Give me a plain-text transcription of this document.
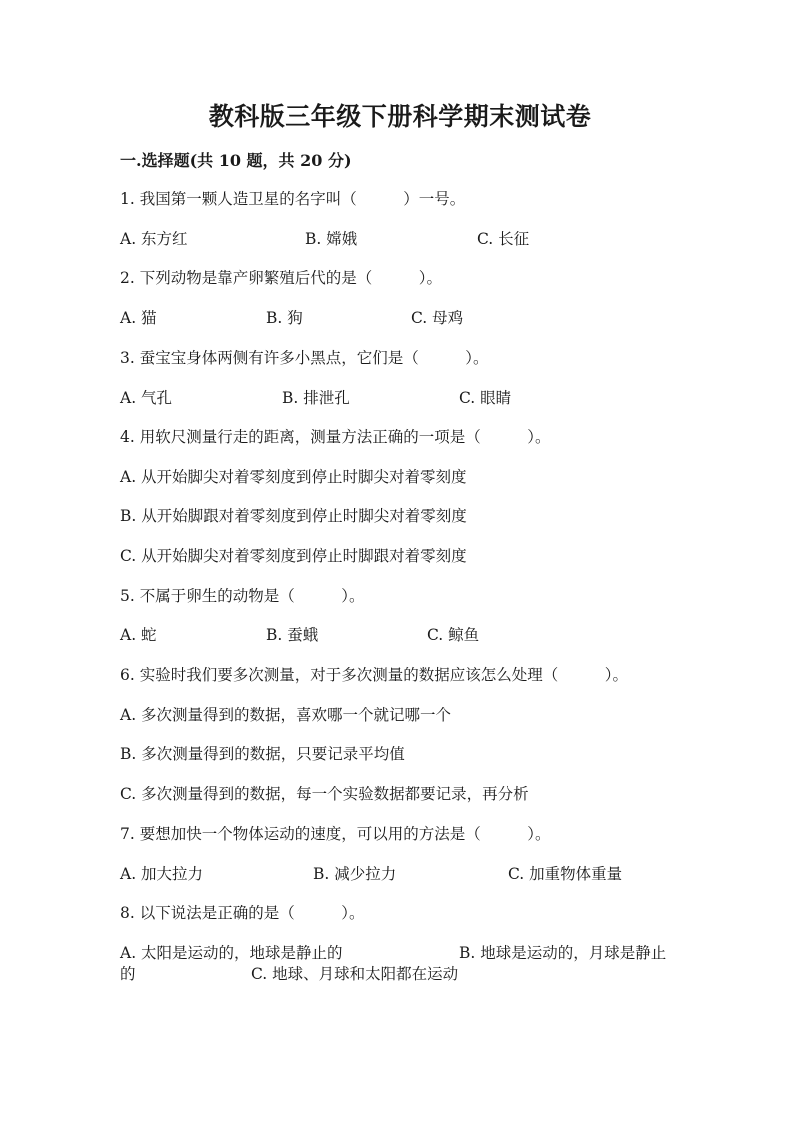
教科版三年级下册科学期末测试卷
一.选择题(共 10 题，共 20 分)
1. 我国第一颗人造卫星的名字叫（　　　）一号。
A. 东方红	B. 嫦娥	C. 长征
2. 下列动物是靠产卵繁殖后代的是（　　　）。
A. 猫	B. 狗	C. 母鸡
3. 蚕宝宝身体两侧有许多小黑点，它们是（　　　）。
A. 气孔	B. 排泄孔	C. 眼睛
4. 用软尺测量行走的距离，测量方法正确的一项是（　　　）。
A. 从开始脚尖对着零刻度到停止时脚尖对着零刻度
B. 从开始脚跟对着零刻度到停止时脚尖对着零刻度
C. 从开始脚尖对着零刻度到停止时脚跟对着零刻度
5. 不属于卵生的动物是（　　　）。
A. 蛇	B. 蚕蛾	C. 鲸鱼
6. 实验时我们要多次测量，对于多次测量的数据应该怎么处理（　　　）。
A. 多次测量得到的数据，喜欢哪一个就记哪一个
B. 多次测量得到的数据，只要记录平均值
C. 多次测量得到的数据，每一个实验数据都要记录，再分析
7. 要想加快一个物体运动的速度，可以用的方法是（　　　）。
A. 加大拉力	B. 减少拉力	C. 加重物体重量
8. 以下说法是正确的是（　　　）。
A. 太阳是运动的，地球是静止的	B. 地球是运动的，月球是静止
的	C. 地球、月球和太阳都在运动
